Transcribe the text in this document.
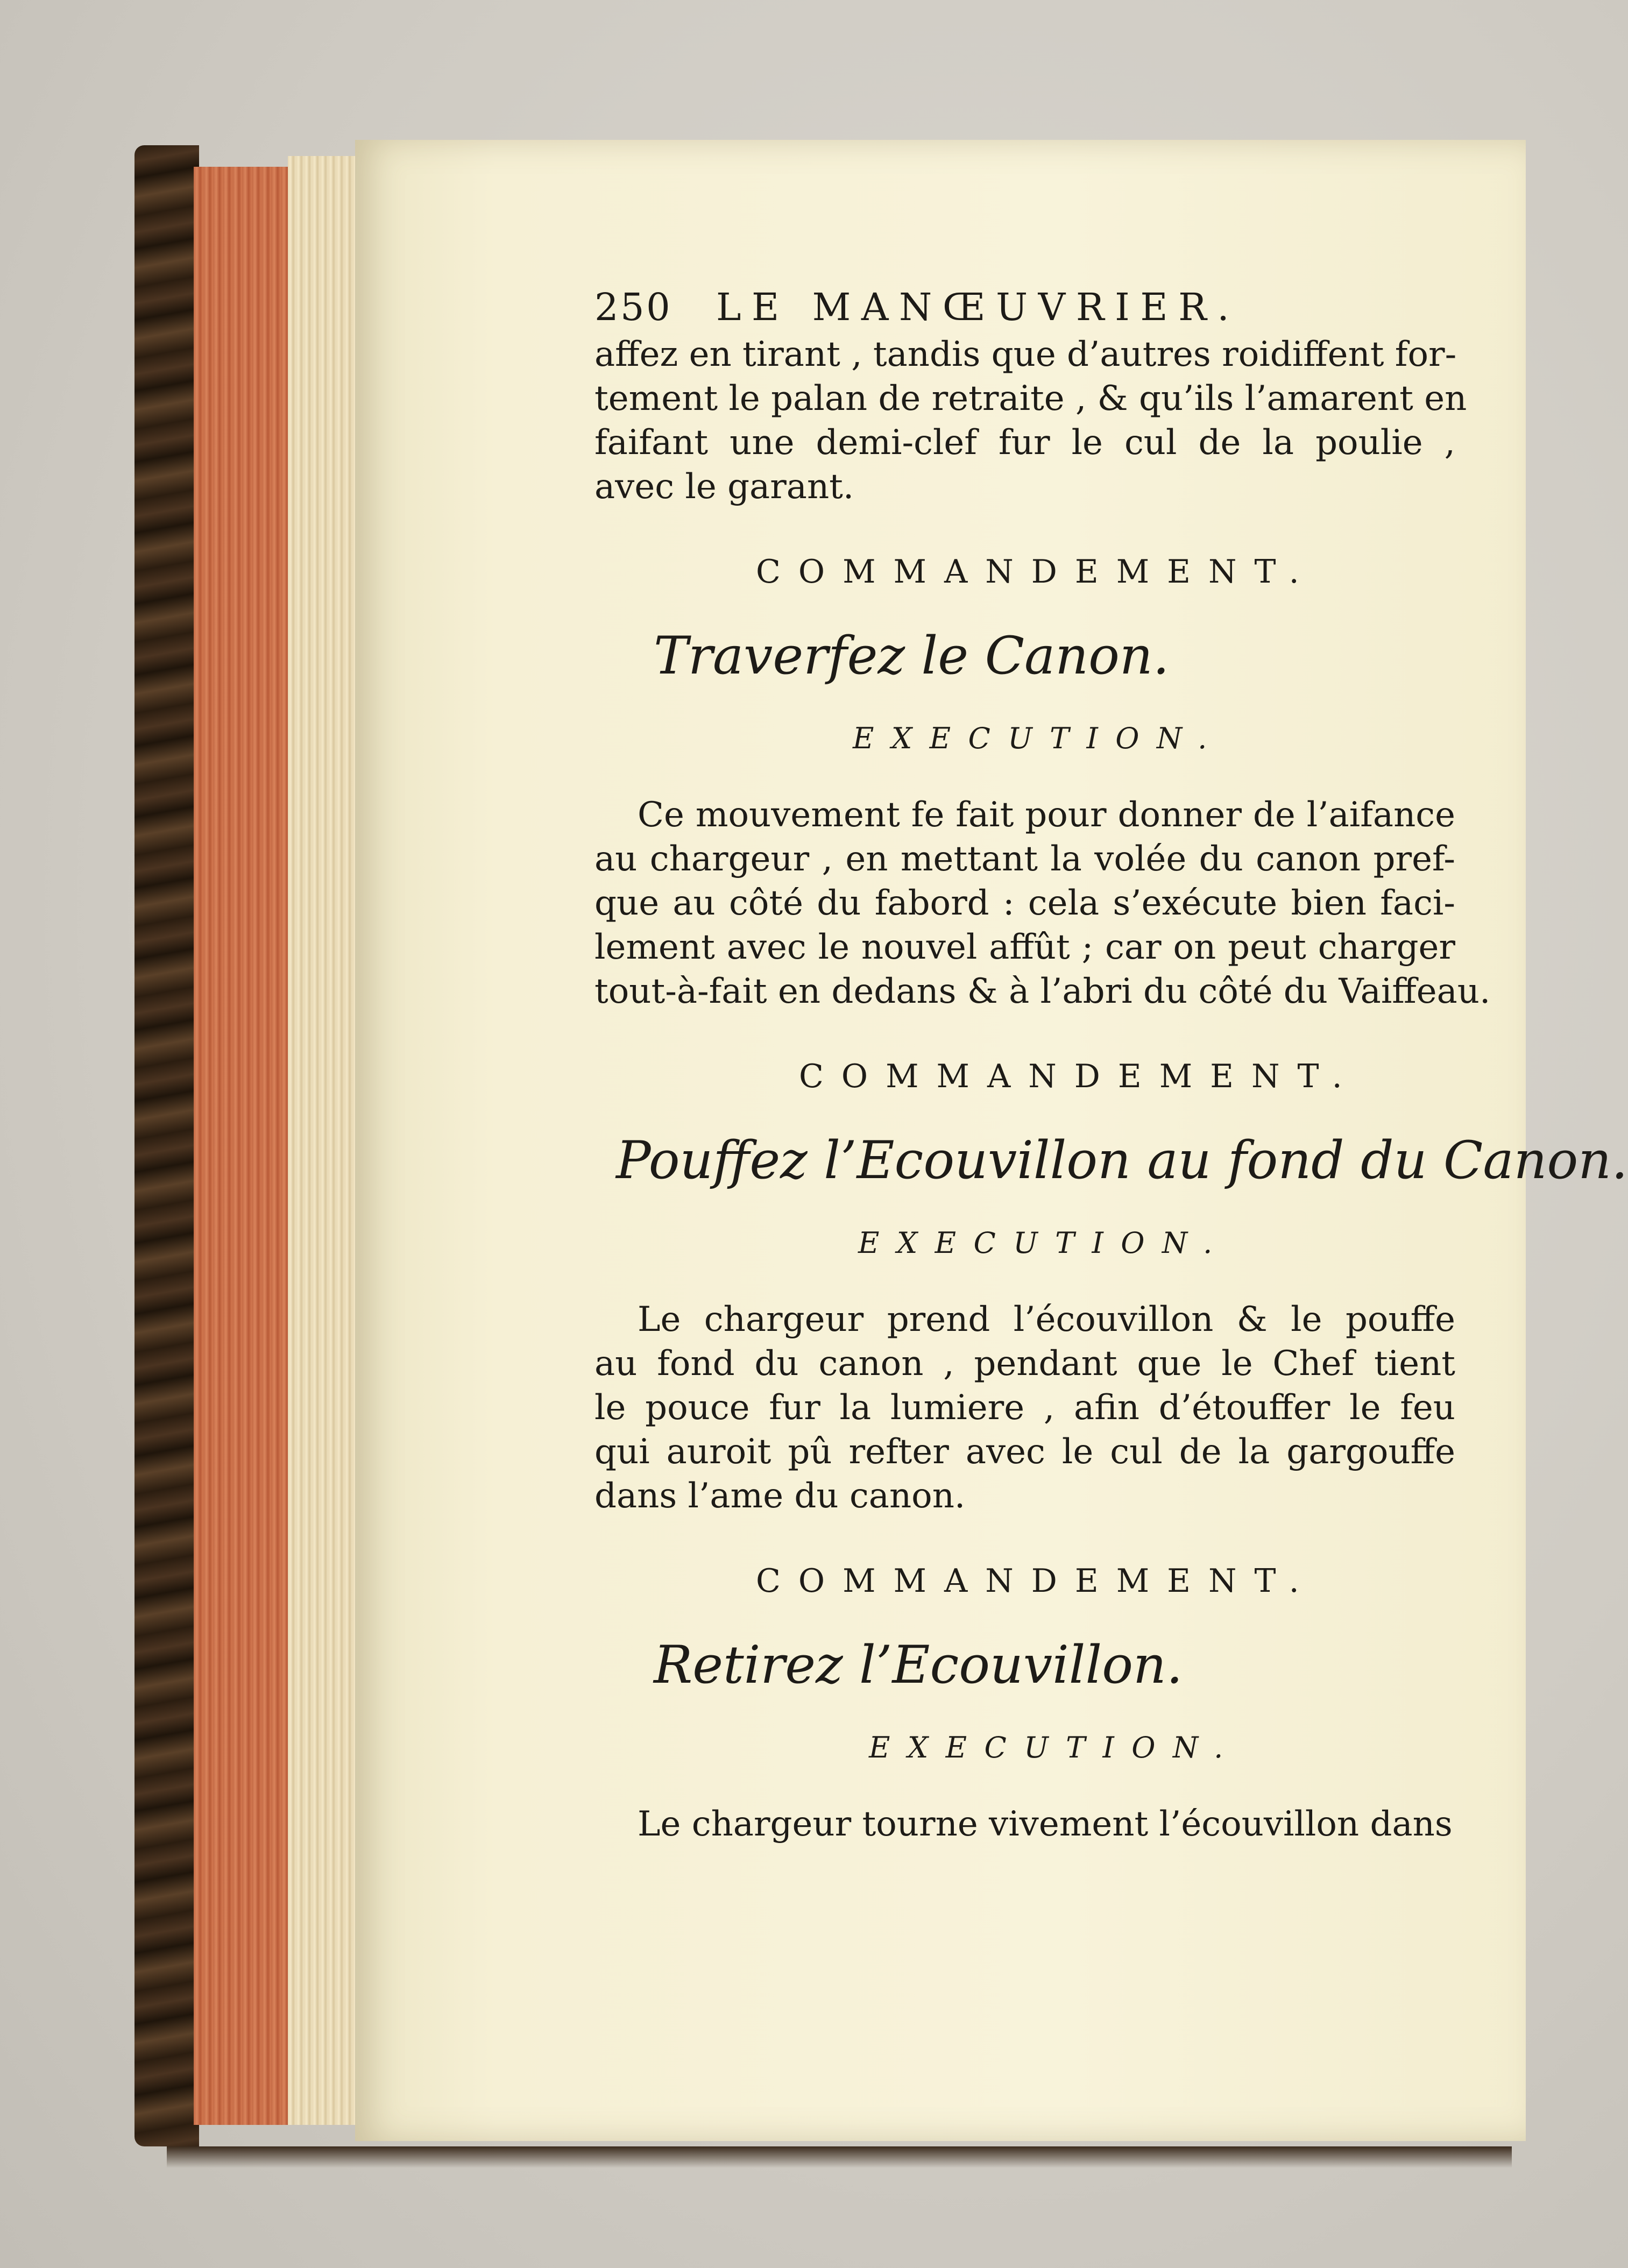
250 LE MANŒUVRIER.
affez en tirant , tandis que d’autres roidiffent for-
tement le palan de retraite , & qu’ils l’amarent en
faifant une demi-clef fur le cul de la poulie ,
avec le garant.
COMMANDEMENT.
Traverfez le Canon.
EXECUTION.
Ce mouvement fe fait pour donner de l’aifance
au chargeur , en mettant la volée du canon pref-
que au côté du fabord : cela s’exécute bien faci-
lement avec le nouvel affût ; car on peut charger
tout-à-fait en dedans & à l’abri du côté du Vaiffeau.
COMMANDEMENT.
Pouffez l’Ecouvillon au fond du Canon.
EXECUTION.
Le chargeur prend l’écouvillon & le pouffe
au fond du canon , pendant que le Chef tient
le pouce fur la lumiere , afin d’étouffer le feu
qui auroit pû refter avec le cul de la gargouffe
dans l’ame du canon.
COMMANDEMENT.
Retirez l’Ecouvillon.
EXECUTION.
Le chargeur tourne vivement l’écouvillon dans
